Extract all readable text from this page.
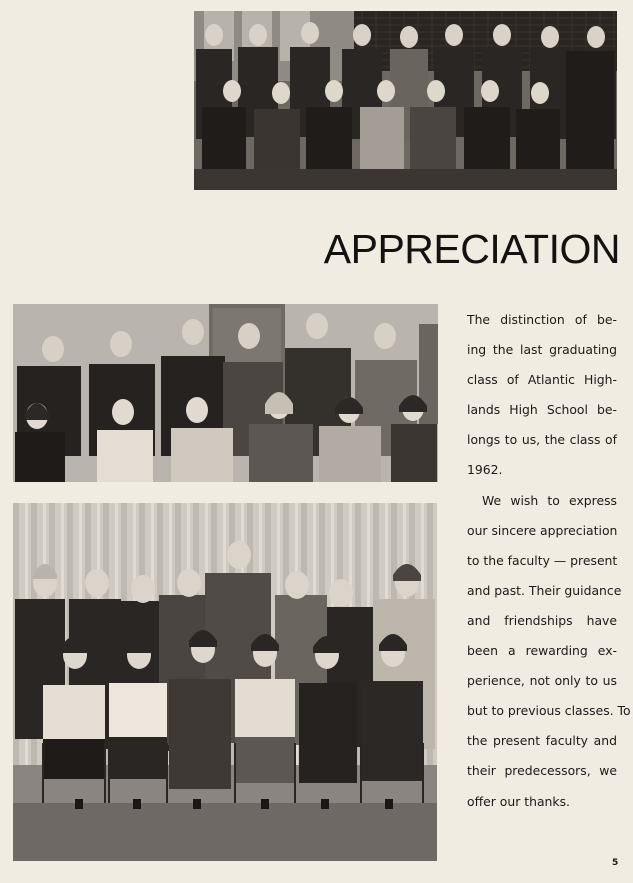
APPRECIATION
The distinction of be-
ing the last graduating
class of Atlantic High-
lands High School be-
longs to us, the class of
1962.
We wish to express
our sincere appreciation
to the faculty — present
and past. Their guidance
and friendships have
been a rewarding ex-
perience, not only to us
but to previous classes. To
the present faculty and
their predecessors, we
offer our thanks.
5
